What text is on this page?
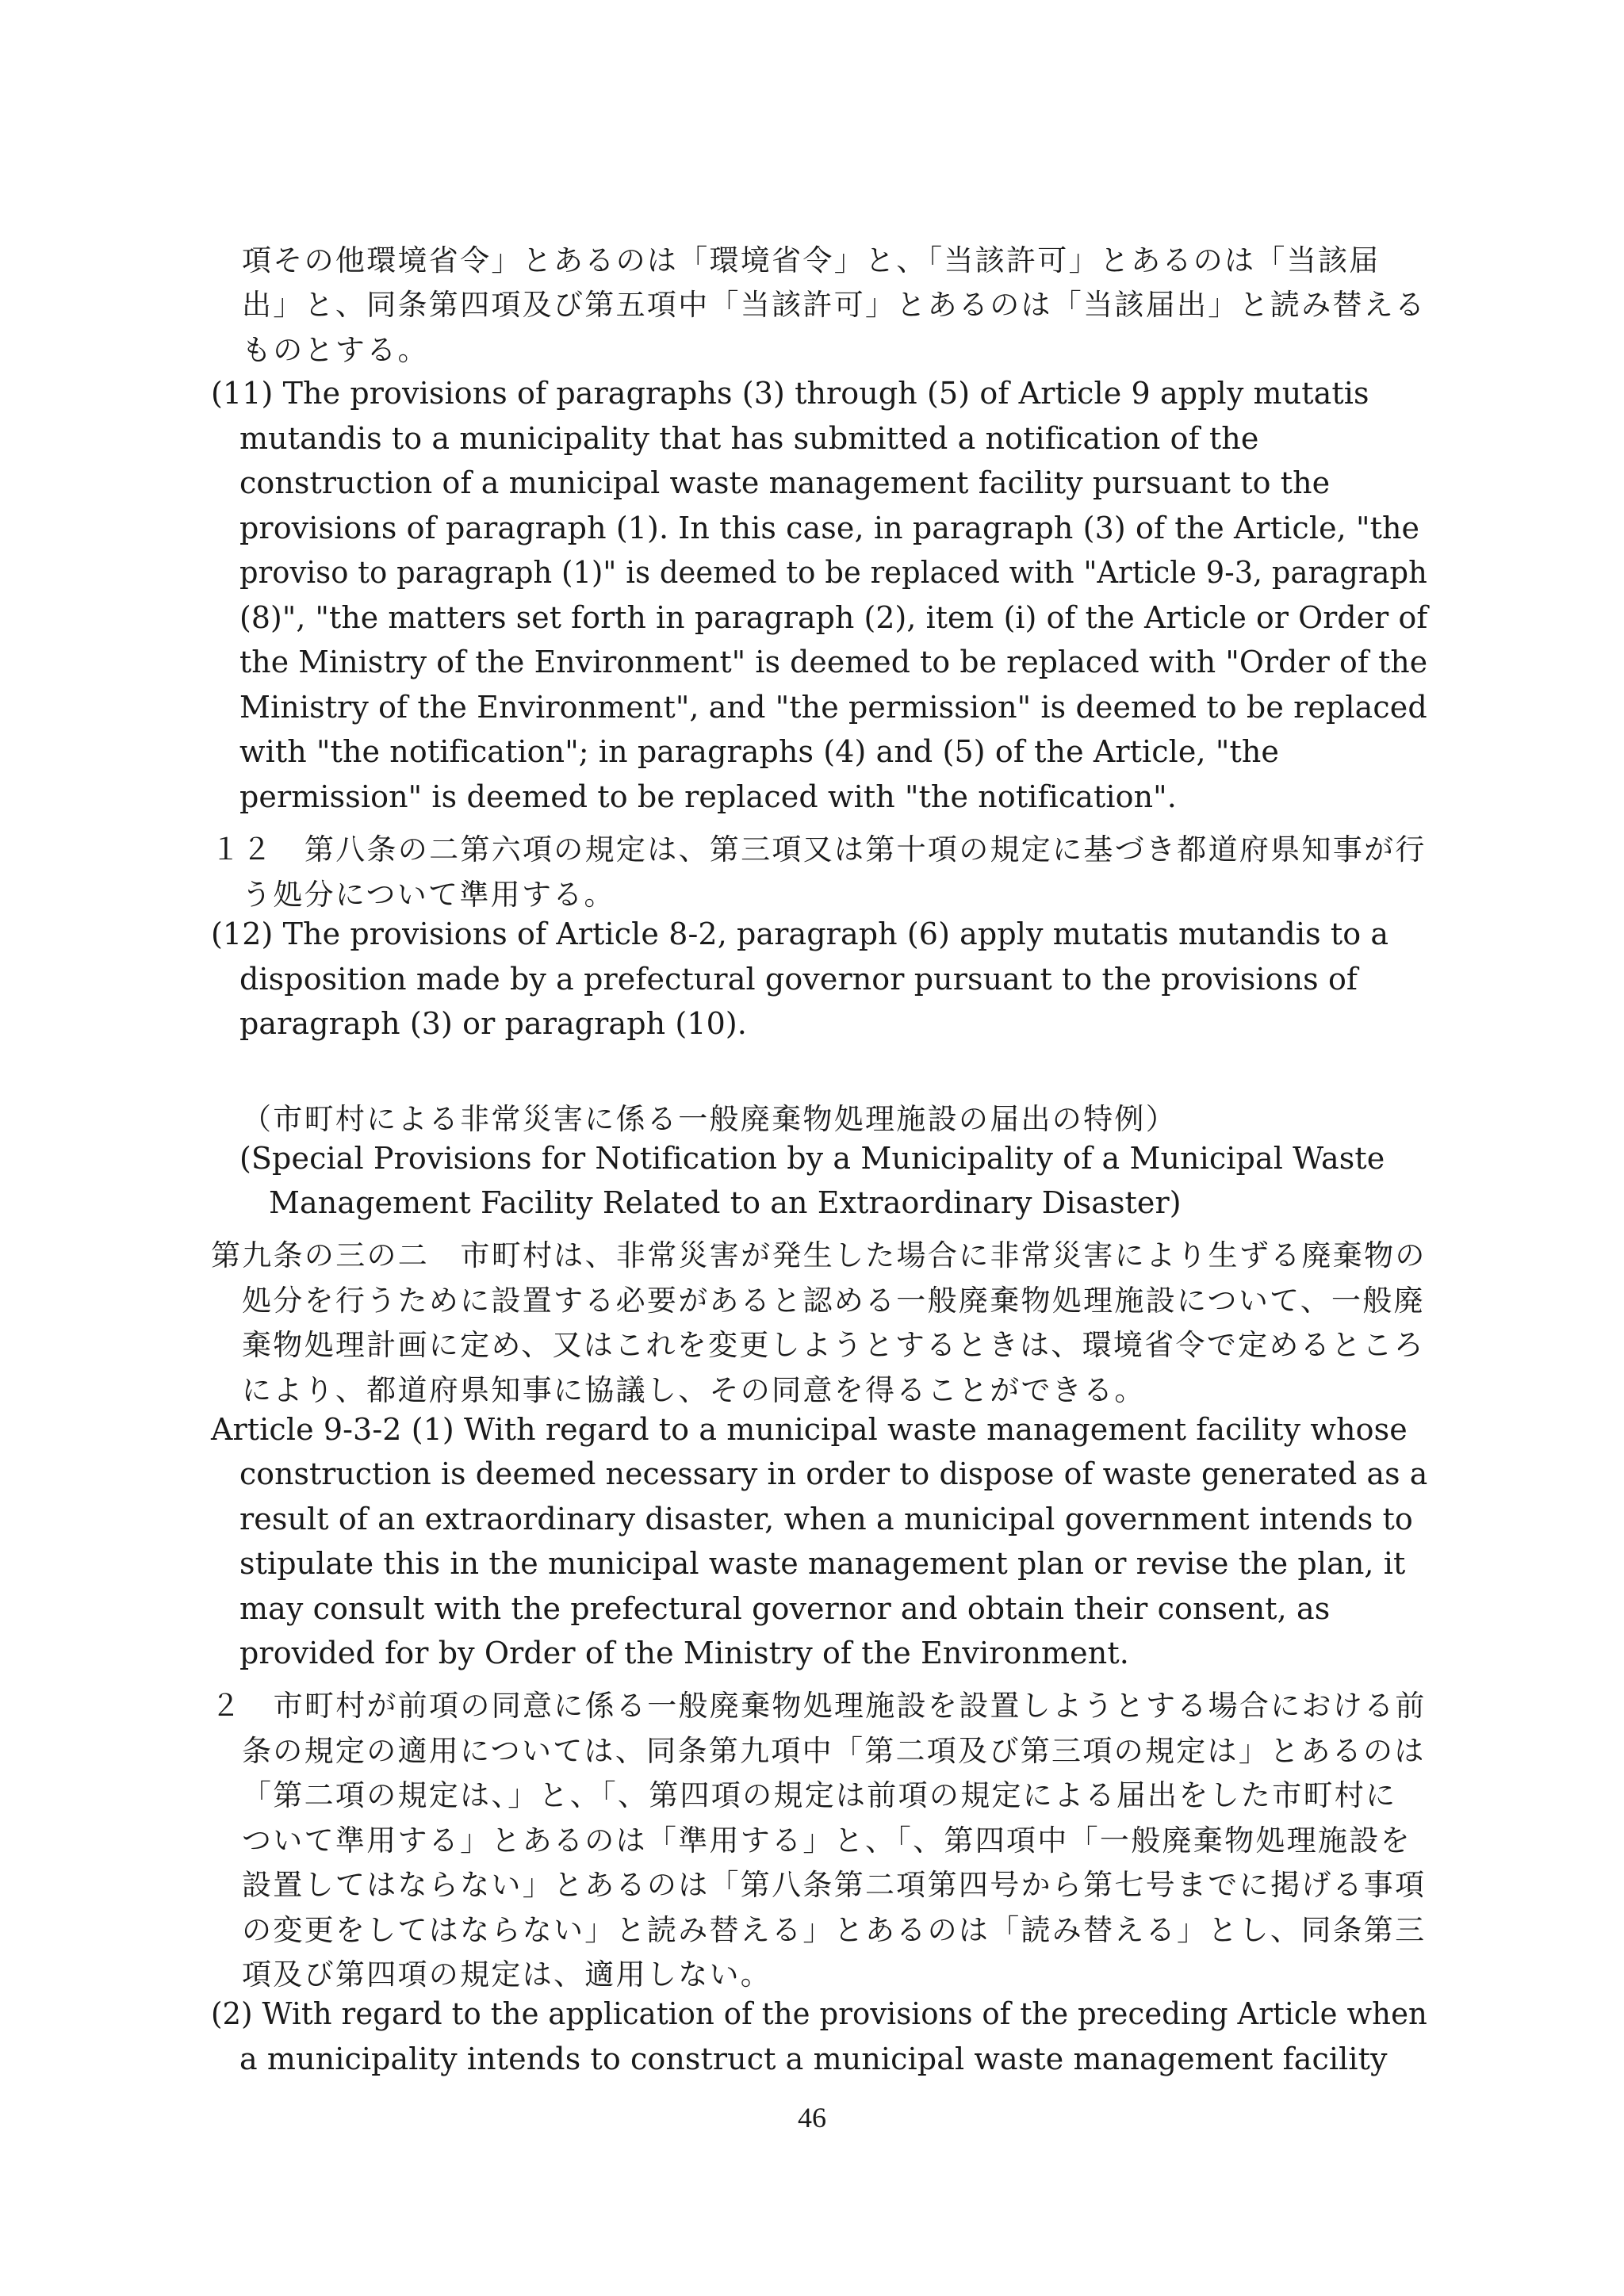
項その他環境省令」とあるのは「環境省令」と、「当該許可」とあるのは「当該届
出」と、同条第四項及び第五項中「当該許可」とあるのは「当該届出」と読み替える
ものとする。
(11) The provisions of paragraphs (3) through (5) of Article 9 apply mutatis
mutandis to a municipality that has submitted a notification of the
construction of a municipal waste management facility pursuant to the
provisions of paragraph (1). In this case, in paragraph (3) of the Article, "the
proviso to paragraph (1)" is deemed to be replaced with "Article 9-3, paragraph
(8)", "the matters set forth in paragraph (2), item (i) of the Article or Order of
the Ministry of the Environment" is deemed to be replaced with "Order of the
Ministry of the Environment", and "the permission" is deemed to be replaced
with "the notification"; in paragraphs (4) and (5) of the Article, "the
permission" is deemed to be replaced with "the notification".
１２　第八条の二第六項の規定は、第三項又は第十項の規定に基づき都道府県知事が行
う処分について準用する。
(12) The provisions of Article 8-2, paragraph (6) apply mutatis mutandis to a
disposition made by a prefectural governor pursuant to the provisions of
paragraph (3) or paragraph (10).
（市町村による非常災害に係る一般廃棄物処理施設の届出の特例）
(Special Provisions for Notification by a Municipality of a Municipal Waste
Management Facility Related to an Extraordinary Disaster)
第九条の三の二　市町村は、非常災害が発生した場合に非常災害により生ずる廃棄物の
処分を行うために設置する必要があると認める一般廃棄物処理施設について、一般廃
棄物処理計画に定め、又はこれを変更しようとするときは、環境省令で定めるところ
により、都道府県知事に協議し、その同意を得ることができる。
Article 9-3-2 (1) With regard to a municipal waste management facility whose
construction is deemed necessary in order to dispose of waste generated as a
result of an extraordinary disaster, when a municipal government intends to
stipulate this in the municipal waste management plan or revise the plan, it
may consult with the prefectural governor and obtain their consent, as
provided for by Order of the Ministry of the Environment.
２　市町村が前項の同意に係る一般廃棄物処理施設を設置しようとする場合における前
条の規定の適用については、同条第九項中「第二項及び第三項の規定は」とあるのは
「第二項の規定は、」と、「、第四項の規定は前項の規定による届出をした市町村に
ついて準用する」とあるのは「準用する」と、「、第四項中「一般廃棄物処理施設を
設置してはならない」とあるのは「第八条第二項第四号から第七号までに掲げる事項
の変更をしてはならない」と読み替える」とあるのは「読み替える」とし、同条第三
項及び第四項の規定は、適用しない。
(2) With regard to the application of the provisions of the preceding Article when
a municipality intends to construct a municipal waste management facility
46
